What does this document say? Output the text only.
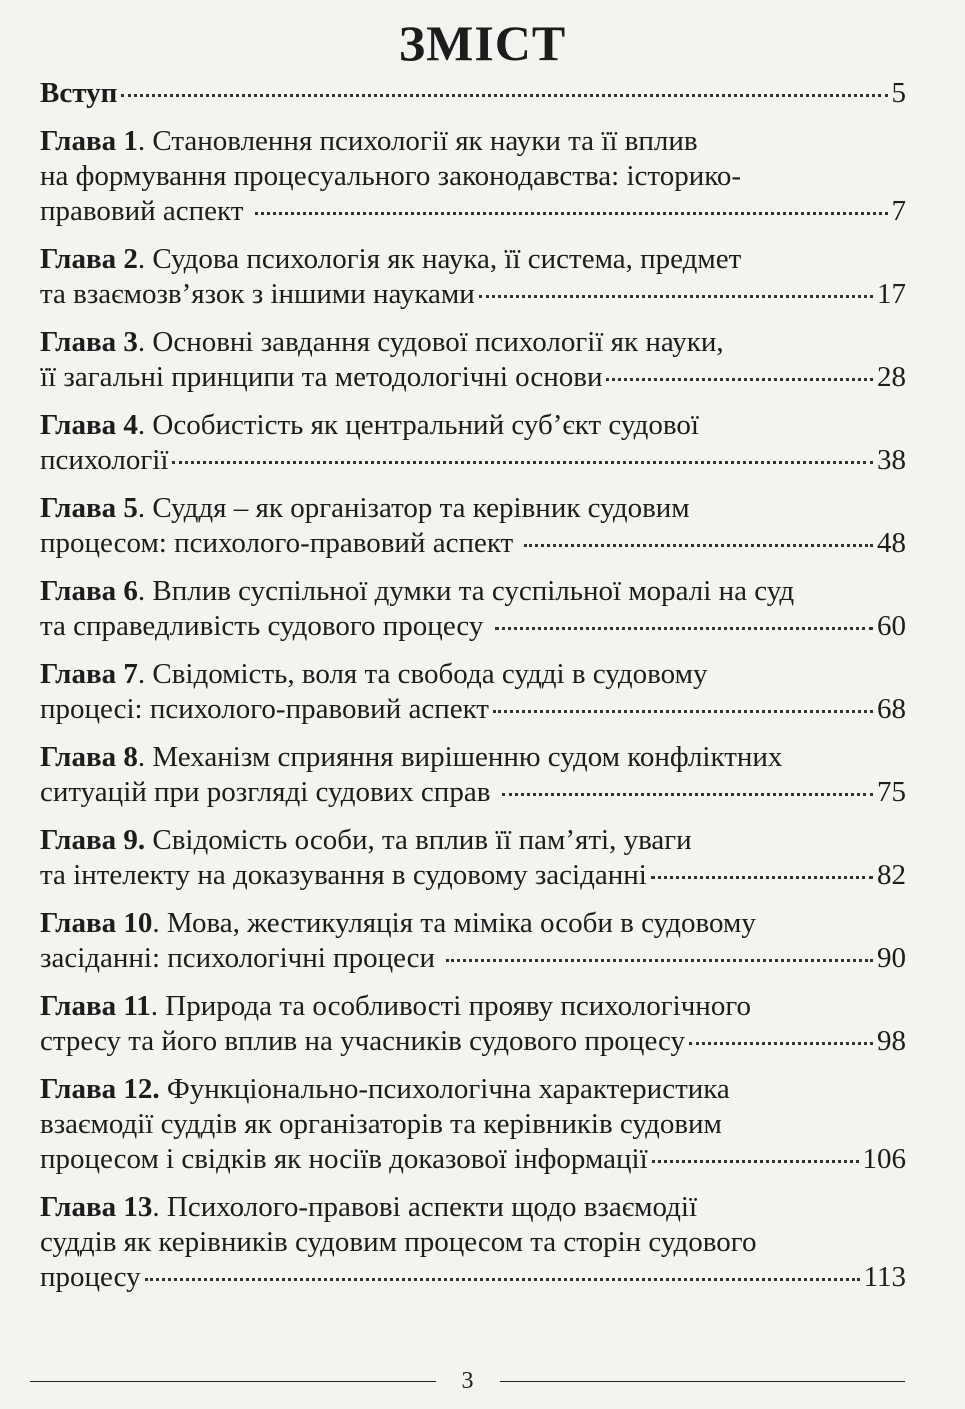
ЗМІСТ
Вступ	5
Глава 1. Становлення психології як науки та її вплив
на формування процесуального законодавства: історико-
правовий аспект	7
Глава 2. Судова психологія як наука, її система, предмет
та взаємозв’язок з іншими науками	17
Глава 3. Основні завдання судової психології як науки,
її загальні принципи та методологічні основи	28
Глава 4. Особистість як центральний суб’єкт судової
психології	38
Глава 5. Суддя – як організатор та керівник судовим
процесом: психолого-правовий аспект	48
Глава 6. Вплив суспільної думки та суспільної моралі на суд
та справедливість судового процесу	60
Глава 7. Свідомість, воля та свобода судді в судовому
процесі: психолого-правовий аспект	68
Глава 8. Механізм сприяння вирішенню судом конфліктних
ситуацій при розгляді судових справ	75
Глава 9. Свідомість особи, та вплив її пам’яті, уваги
та інтелекту на доказування в судовому засіданні	82
Глава 10. Мова, жестикуляція та міміка особи в судовому
засіданні: психологічні процеси	90
Глава 11. Природа та особливості прояву психологічного
стресу та його вплив на учасників судового процесу	98
Глава 12. Функціонально-психологічна характеристика
взаємодії суддів як організаторів та керівників судовим
процесом і свідків як носіїв доказової інформації	106
Глава 13. Психолого-правові аспекти щодо взаємодії
суддів як керівників судовим процесом та сторін судового
процесу	113
3
